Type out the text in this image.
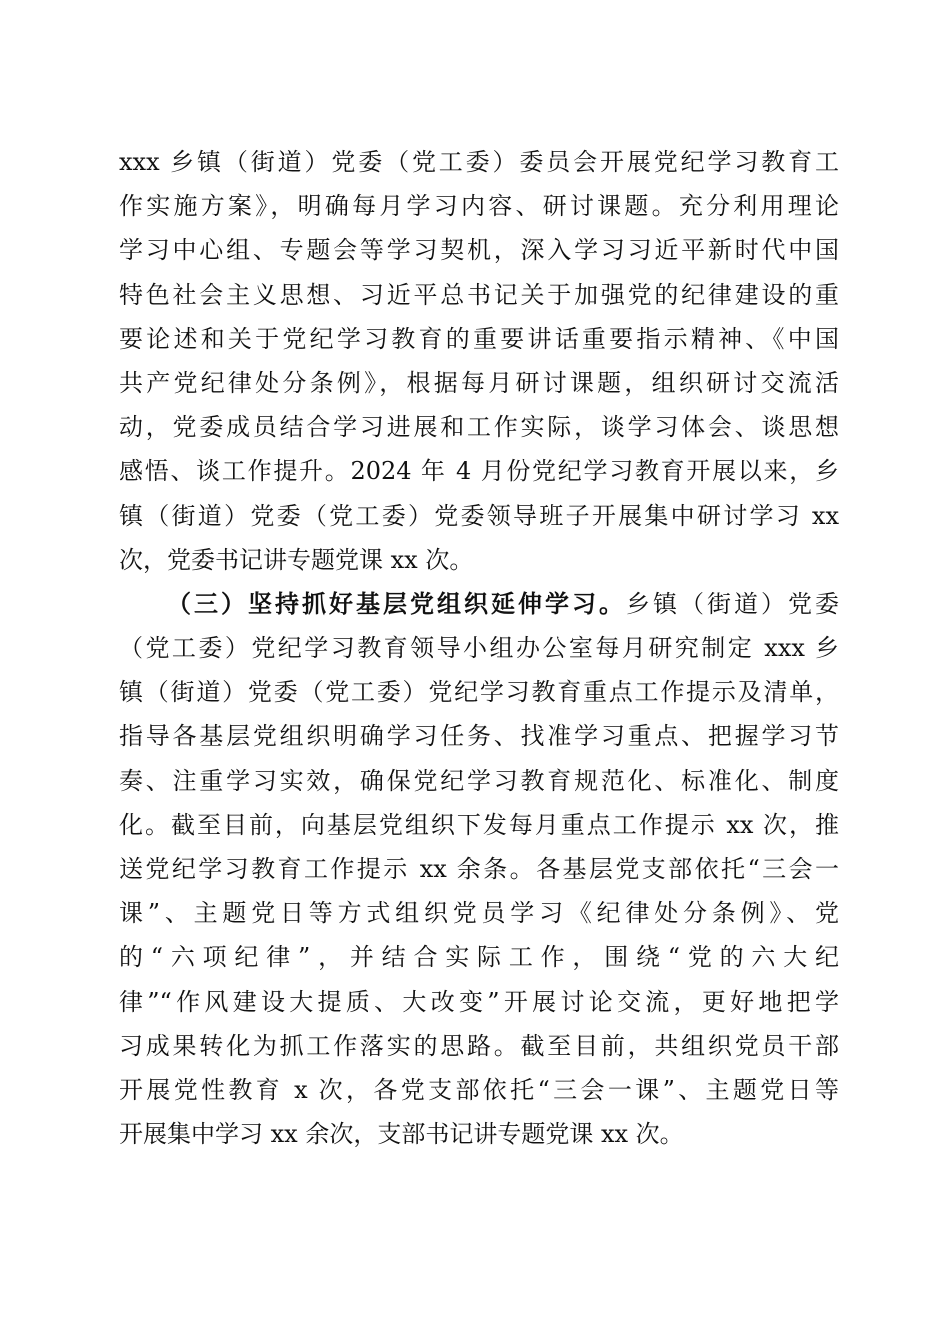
xxx 乡镇（街道）党委（党工委）委员会开展党纪学习教育工
作实施方案》，明确每月学习内容、研讨课题。充分利用理论
学习中心组、专题会等学习契机，深入学习习近平新时代中国
特色社会主义思想、习近平总书记关于加强党的纪律建设的重
要论述和关于党纪学习教育的重要讲话重要指示精神、《中国
共产党纪律处分条例》，根据每月研讨课题，组织研讨交流活
动，党委成员结合学习进展和工作实际，谈学习体会、谈思想
感悟、谈工作提升。2024 年 4 月份党纪学习教育开展以来，乡
镇（街道）党委（党工委）党委领导班子开展集中研讨学习 xx
次，党委书记讲专题党课 xx 次。
（三）坚持抓好基层党组织延伸学习。乡镇（街道）党委
（党工委）党纪学习教育领导小组办公室每月研究制定 xxx 乡
镇（街道）党委（党工委）党纪学习教育重点工作提示及清单，
指导各基层党组织明确学习任务、找准学习重点、把握学习节
奏、注重学习实效，确保党纪学习教育规范化、标准化、制度
化。截至目前，向基层党组织下发每月重点工作提示 xx 次，推
送党纪学习教育工作提示 xx 余条。各基层党支部依托“三会一
课”、主题党日等方式组织党员学习《纪律处分条例》、党
的“六项纪律”，并结合实际工作，围绕“党的六大纪
律”“作风建设大提质、大改变”开展讨论交流，更好地把学
习成果转化为抓工作落实的思路。截至目前，共组织党员干部
开展党性教育 x 次，各党支部依托“三会一课”、主题党日等
开展集中学习 xx 余次，支部书记讲专题党课 xx 次。
